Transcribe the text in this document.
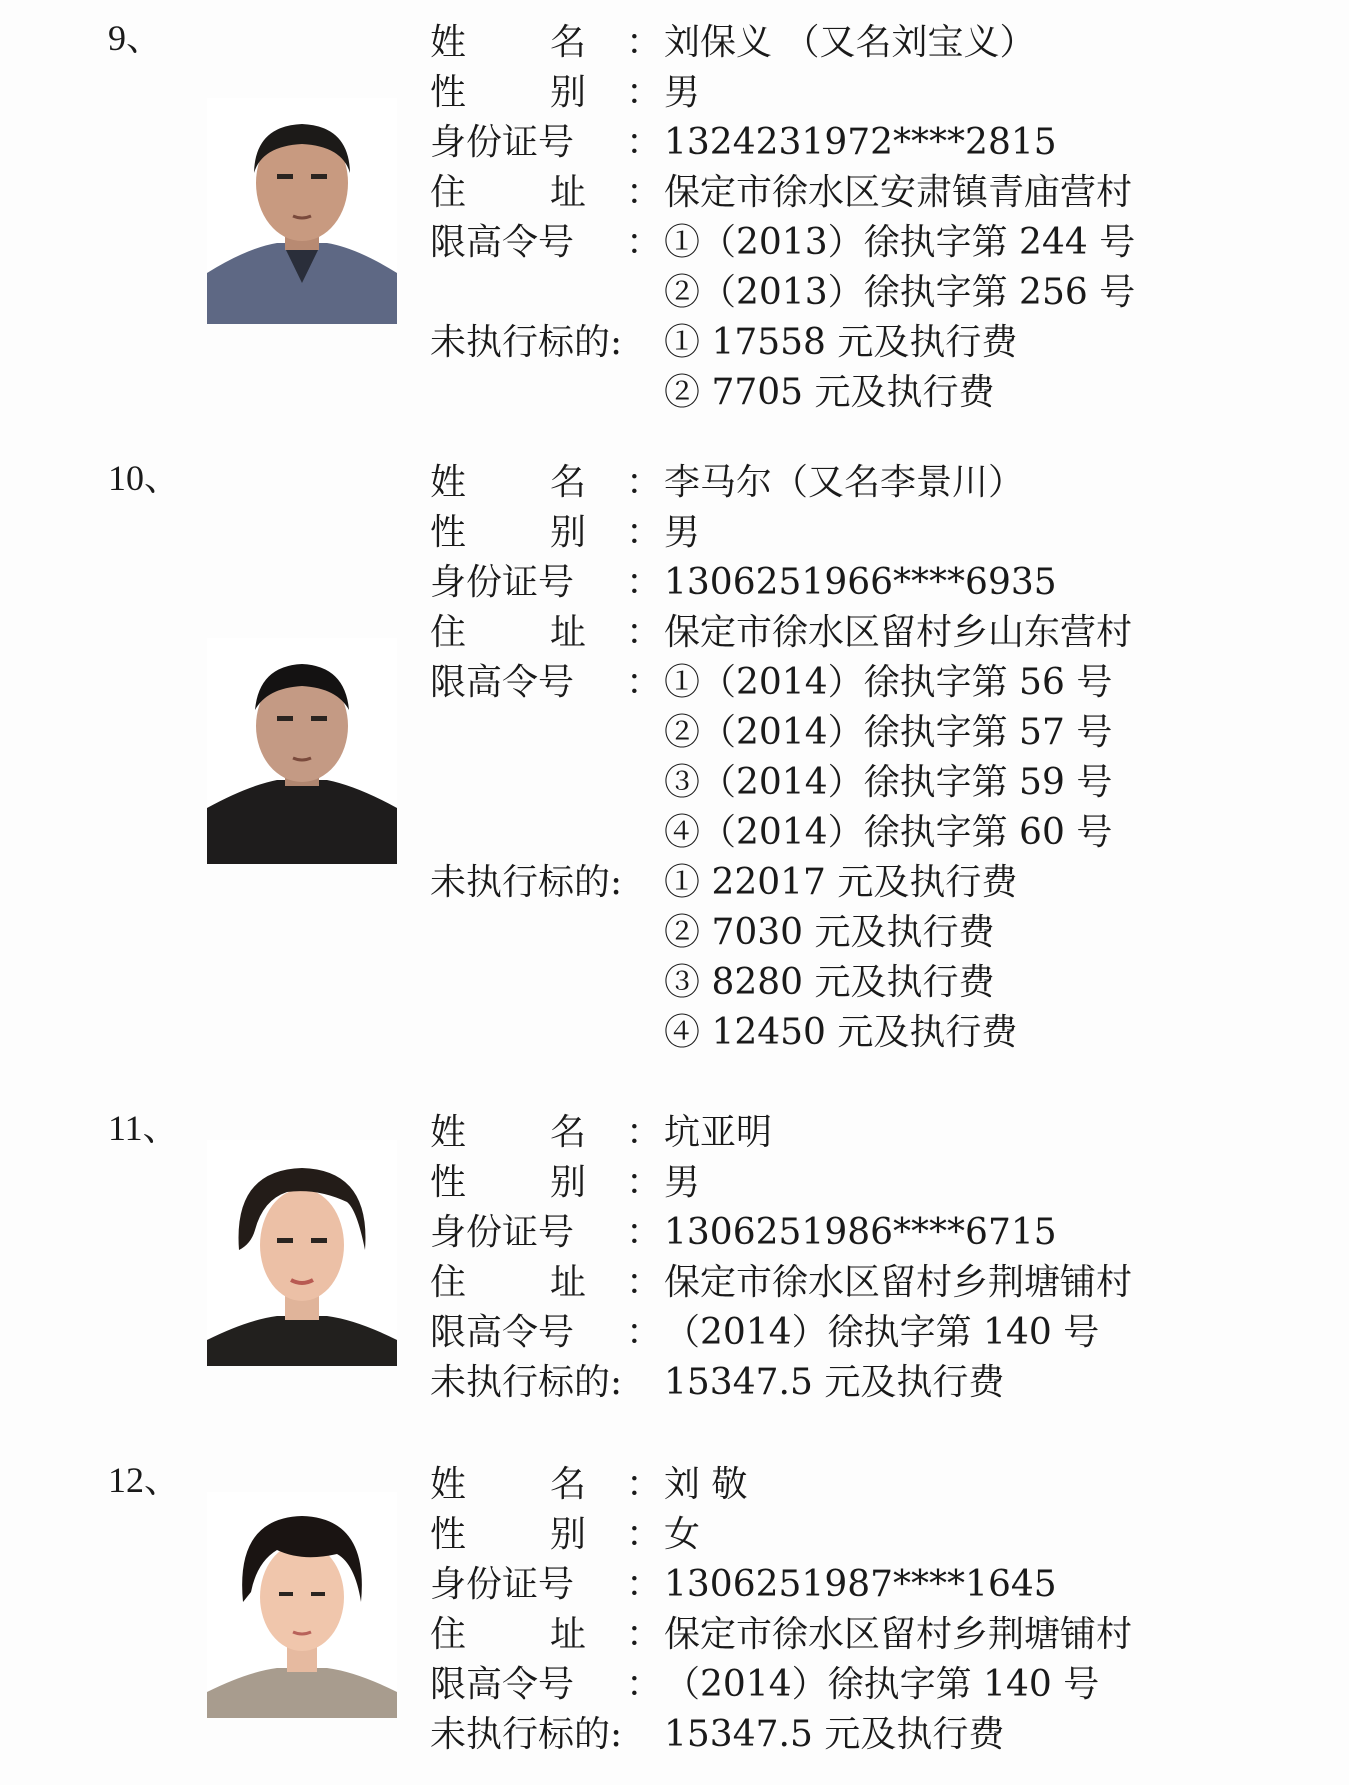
9、	姓 名 ： 刘保义 （又名刘宝义）
性 别 ： 男
身份证号	： 1324231972****2815
住 址 ： 保定市徐水区安肃镇青庙营村
限高令号	： ①（2013）徐执字第 244 号
②（2013）徐执字第 256 号
未执行标的: ① 17558 元及执行费
② 7705 元及执行费
10、	姓 名 ： 李马尔（又名李景川）
性 别 ： 男
身份证号	： 1306251966****6935
住 址 ： 保定市徐水区留村乡山东营村
限高令号	： ①（2014）徐执字第 56 号
②（2014）徐执字第 57 号
③（2014）徐执字第 59 号
④（2014）徐执字第 60 号
未执行标的: ① 22017 元及执行费
② 7030 元及执行费
③ 8280 元及执行费
④ 12450 元及执行费
11、	姓 名 ： 坑亚明
性 别 ： 男
身份证号	： 1306251986****6715
住 址 ： 保定市徐水区留村乡荆塘铺村
限高令号	： （2014）徐执字第 140 号
未执行标的: 15347.5 元及执行费
12、	姓 名 ： 刘 敬
性 别 ： 女
身份证号	： 1306251987****1645
住 址 ： 保定市徐水区留村乡荆塘铺村
限高令号	： （2014）徐执字第 140 号
未执行标的: 15347.5 元及执行费
